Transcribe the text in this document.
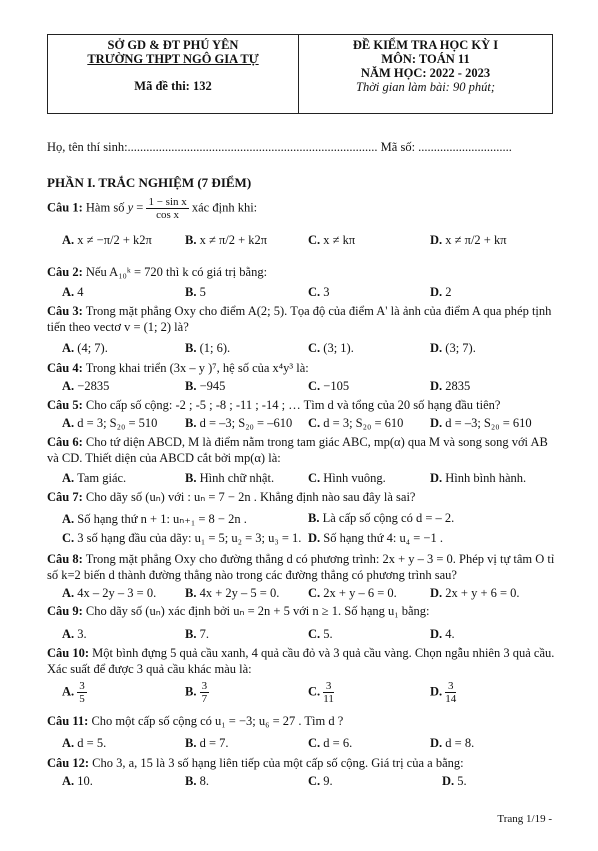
SỞ GD & ĐT PHÚ YÊN
TRƯỜNG THPT NGÔ GIA TỰ
Mã đề thi: 132
ĐỀ KIỂM TRA HỌC KỲ I
MÔN: TOÁN 11
NĂM HỌC: 2022 - 2023
Thời gian làm bài: 90 phút;
Họ, tên thí sinh:................................................................................ Mã số: ..............................
PHẦN I. TRẮC NGHIỆM (7 ĐIỂM)
Câu 1: Hàm số $y = \frac{\text{1 − sin x}}{\text{cos x}}$ xác định khi:
A. x ≠ −π/2 + k2π	B. x ≠ π/2 + k2π	C. x ≠ kπ	D. x ≠ π/2 + kπ
Câu 2: Nếu A₁₀ᵏ = 720 thì k có giá trị bằng:
A. 4	B. 5	C. 3	D. 2
Câu 3: Trong mặt phẳng Oxy cho điểm A(2; 5). Tọa độ của điểm A' là ảnh của điểm A qua phép tịnh tiến theo vectơ v = (1; 2) là?
A. (4; 7).	B. (1; 6).	C. (3; 1).	D. (3; 7).
Câu 4: Trong khai triển (3x – y )⁷, hệ số của x⁴y³ là:
A. −2835	B. −945	C. −105	D. 2835
Câu 5: Cho cấp số cộng: -2 ; -5 ; -8 ; -11 ; -14 ; … Tìm d và tổng của 20 số hạng đầu tiên?
A. d = 3; S₂₀ = 510 B. d = –3; S₂₀ = –610 C. d = 3; S₂₀ = 610 D. d = –3; S₂₀ = 610
Câu 6: Cho tứ diện ABCD, M là điểm nằm trong tam giác ABC, mp(α) qua M và song song với AB và CD. Thiết diện của ABCD cắt bởi mp(α) là:
A. Tam giác.	B. Hình chữ nhật.	C. Hình vuông.	D. Hình bình hành.
Câu 7: Cho dãy số (uₙ) với : uₙ = 7 − 2n . Khẳng định nào sau đây là sai?
A. Số hạng thứ n + 1: uₙ₊₁ = 8 − 2n .	B. Là cấp số cộng có d = – 2.
C. 3 số hạng đầu của dãy: u₁ = 5; u₂ = 3; u₃ = 1. D. Số hạng thứ 4: u₄ = −1 .
Câu 8: Trong mặt phẳng Oxy cho đường thẳng d có phương trình: 2x + y – 3 = 0. Phép vị tự tâm O tỉ số k=2 biến d thành đường thẳng nào trong các đường thẳng có phương trình sau?
A. 4x – 2y – 3 = 0. B. 4x + 2y – 5 = 0. C. 2x + y – 6 = 0.	D. 2x + y + 6 = 0.
Câu 9: Cho dãy số (uₙ) xác định bởi uₙ = 2n + 5 với n ≥ 1. Số hạng u₁ bằng:
A. 3.	B. 7.	C. 5.	D. 4.
Câu 10: Một bình đựng 5 quả cầu xanh, 4 quả cầu đỏ và 3 quả cầu vàng. Chọn ngẫu nhiên 3 quả cầu. Xác suất để được 3 quả cầu khác màu là:
A. $\frac{3}{5}$	B. $\frac{3}{7}$	C. $\frac{3}{11}$	D. $\frac{3}{14}$
Câu 11: Cho một cấp số cộng có u₁ = −3; u₆ = 27 . Tìm d ?
A. d = 5.	B. d = 7.	C. d = 6.	D. d = 8.
Câu 12: Cho 3, a, 15 là 3 số hạng liên tiếp của một cấp số cộng. Giá trị của a bằng:
A. 10.	B. 8.	C. 9.	D. 5.
Trang 1/19 -
